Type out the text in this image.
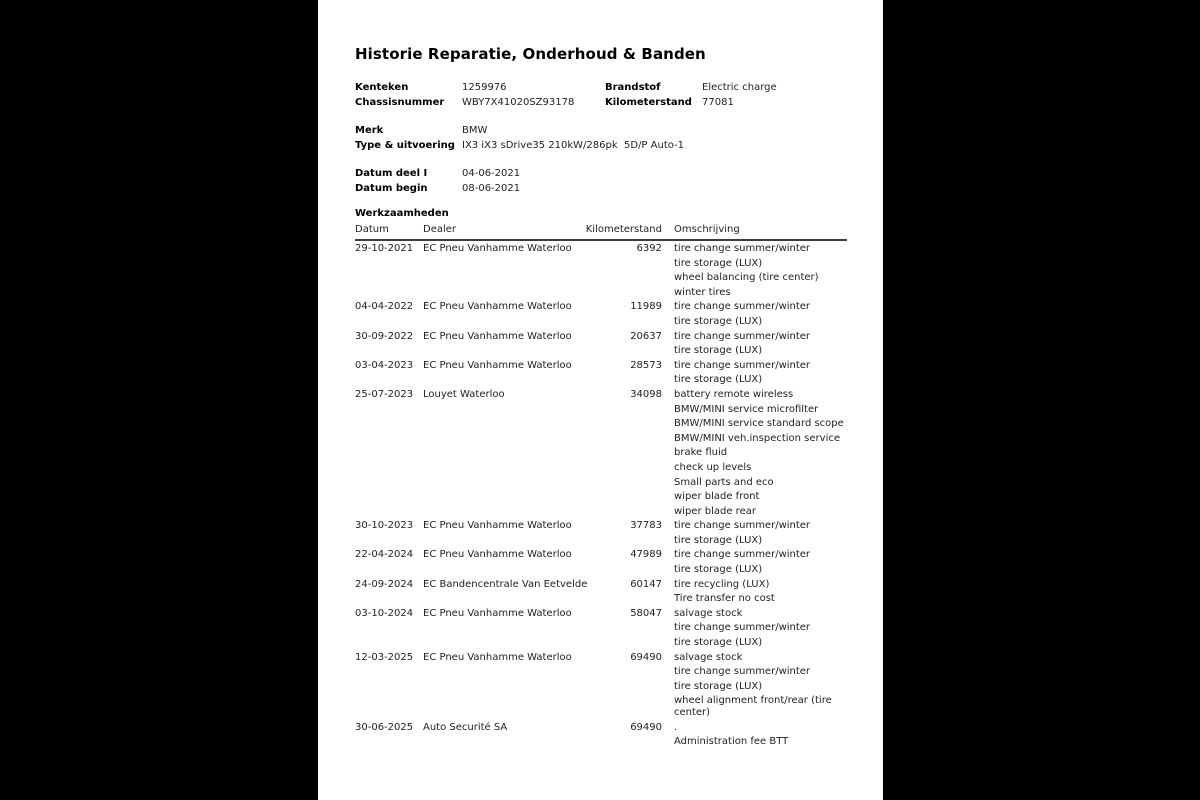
Historie Reparatie, Onderhoud & Banden
Kenteken	1259976	Brandstof	Electric charge
Chassisnummer	WBY7X41020SZ93178	Kilometerstand	77081
Merk	BMW
Type & uitvoering IX3 iX3 sDrive35 210kW/286pk  5D/P Auto-1
Datum deel I	04-06-2021
Datum begin	08-06-2021
Werkzaamheden
Datum	Dealer	Kilometerstand	Omschrijving
29-10-2021 EC Pneu Vanhamme Waterloo	6392 tire change summer/winter
tire storage (LUX)
wheel balancing (tire center)
winter tires
04-04-2022 EC Pneu Vanhamme Waterloo	11989 tire change summer/winter
tire storage (LUX)
30-09-2022 EC Pneu Vanhamme Waterloo	20637 tire change summer/winter
tire storage (LUX)
03-04-2023 EC Pneu Vanhamme Waterloo	28573 tire change summer/winter
tire storage (LUX)
25-07-2023 Louyet Waterloo	34098 battery remote wireless
BMW/MINI service microfilter
BMW/MINI service standard scope
BMW/MINI veh.inspection service
brake fluid
check up levels
Small parts and eco
wiper blade front
wiper blade rear
30-10-2023 EC Pneu Vanhamme Waterloo	37783 tire change summer/winter
tire storage (LUX)
22-04-2024 EC Pneu Vanhamme Waterloo	47989 tire change summer/winter
tire storage (LUX)
24-09-2024 EC Bandencentrale Van Eetvelde	60147 tire recycling (LUX)
Tire transfer no cost
03-10-2024 EC Pneu Vanhamme Waterloo	58047 salvage stock
tire change summer/winter
tire storage (LUX)
12-03-2025 EC Pneu Vanhamme Waterloo	69490 salvage stock
tire change summer/winter
tire storage (LUX)
wheel alignment front/rear (tire center)
30-06-2025 Auto Securité SA	69490 .
Administration fee BTT
